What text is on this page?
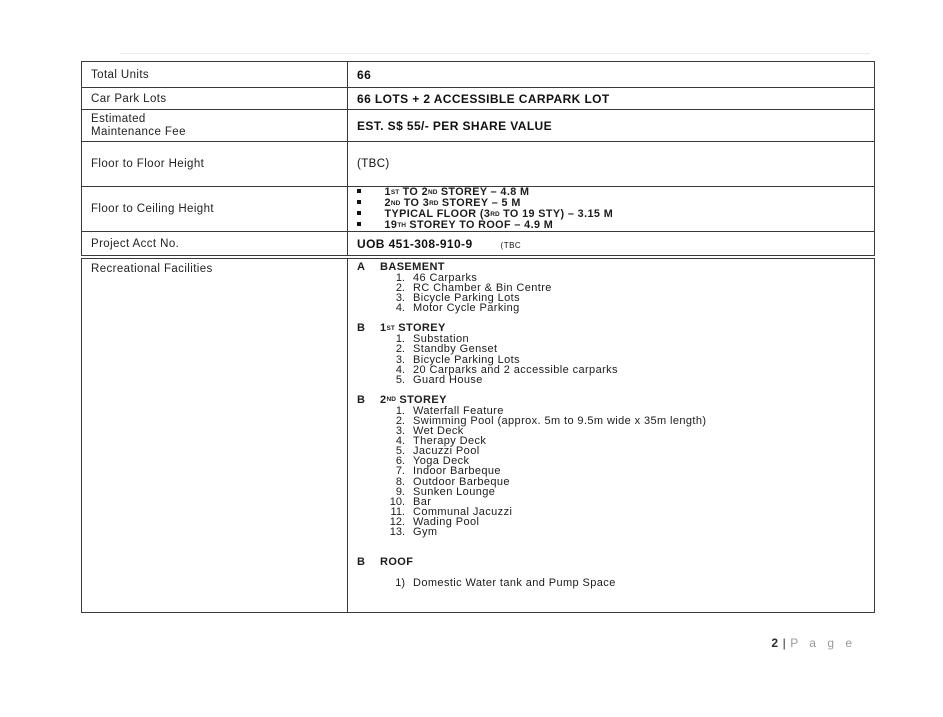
Total Units	66
Car Park Lots	66 LOTS + 2 ACCESSIBLE CARPARK LOT

Estimated
Maintenance Fee	EST. S$ 55/- PER SHARE VALUE
Floor to Floor Height	(TBC)
Floor to Ceiling Height	1ST TO 2ND STOREY – 4.8 M
2ND TO 3RD STOREY – 5 M
TYPICAL FLOOR (3RD TO 19 STY) – 3.15 M
19TH STOREY TO ROOF – 4.9 M

Project Acct No.	UOB 451-308-910-9 (TBC
Recreational Facilities	A BASEMENT
1. 46 Carparks
2. RC Chamber & Bin Centre
3. Bicycle Parking Lots
4. Motor Cycle Parking
B 1ST STOREY
1. Substation
2. Standby Genset
3. Bicycle Parking Lots
4. 20 Carparks and 2 accessible carparks
5. Guard House
B 2ND STOREY
1. Waterfall Feature
2. Swimming Pool (approx. 5m to 9.5m wide x 35m length)
3. Wet Deck
4. Therapy Deck
5. Jacuzzi Pool
6. Yoga Deck
7. Indoor Barbeque
8. Outdoor Barbeque
9. Sunken Lounge
10. Bar
11. Communal Jacuzzi
12. Wading Pool
13. Gym
B ROOF
1) Domestic Water tank and Pump Space
2 | P a g e
